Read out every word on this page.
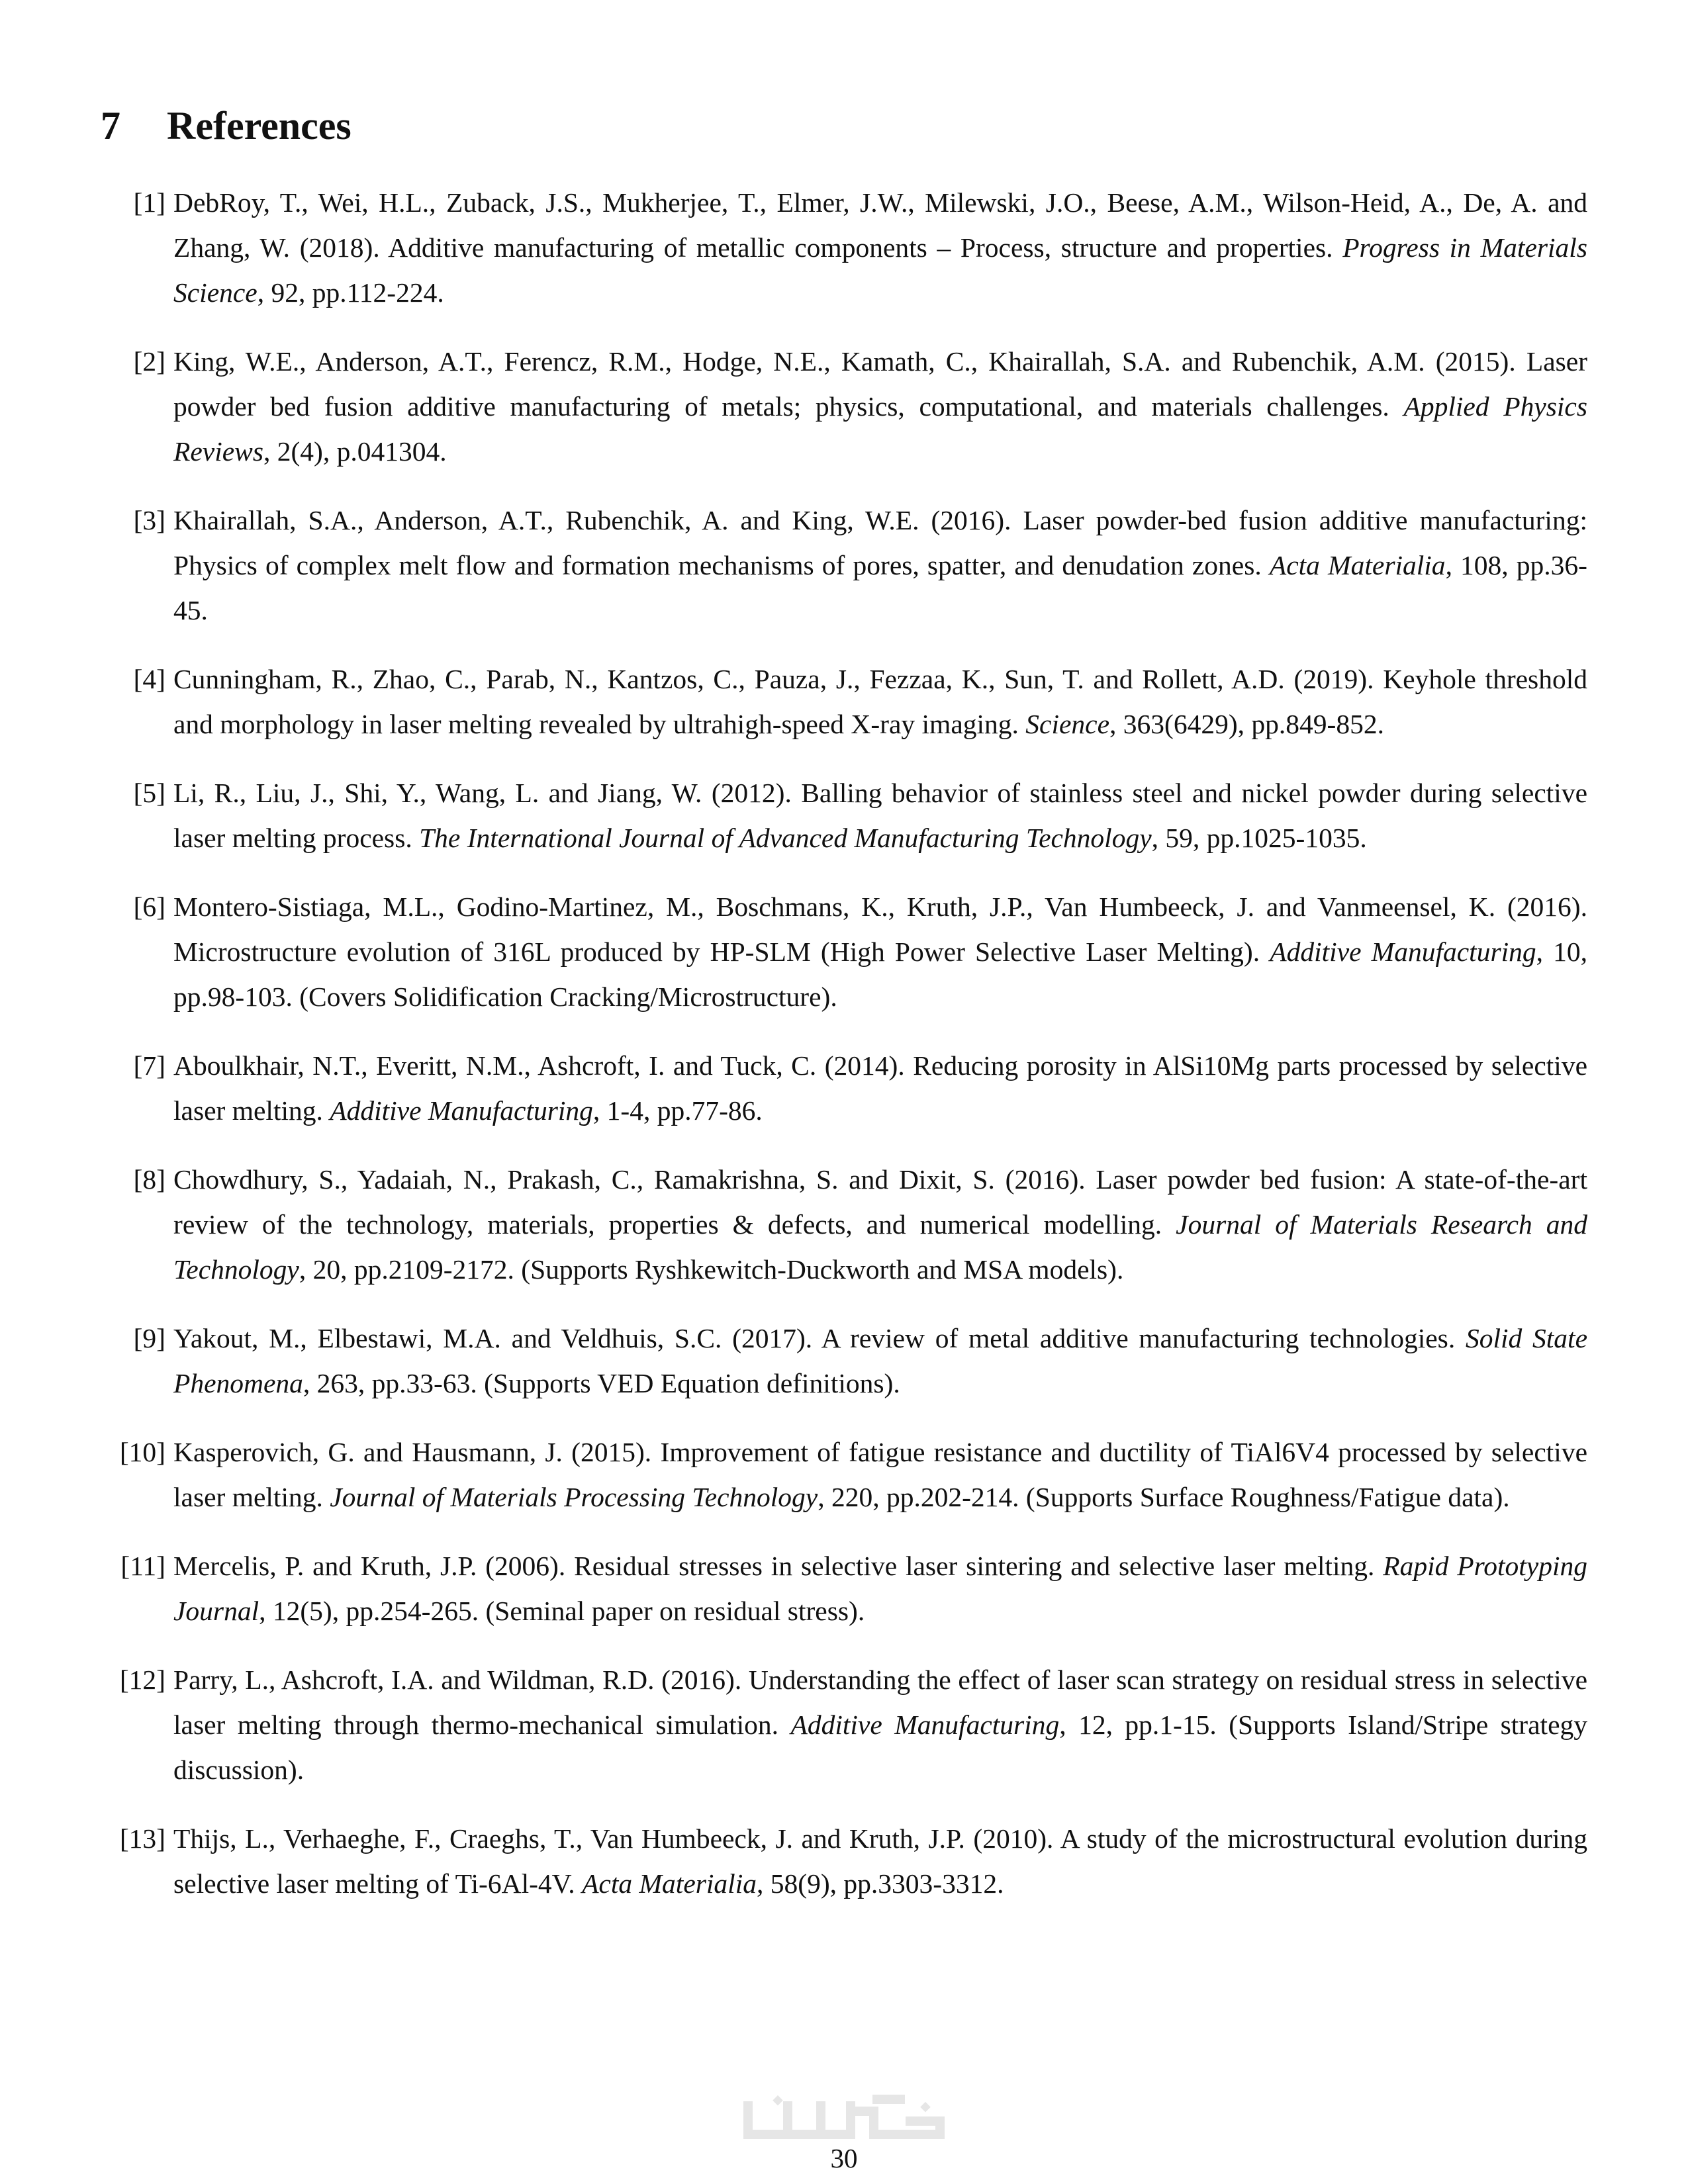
7 References
[1] DebRoy, T., Wei, H.L., Zuback, J.S., Mukherjee, T., Elmer, J.W., Milewski, J.O., Beese, A.M., Wilson-Heid, A., De, A. and Zhang, W. (2018). Additive manufacturing of metallic components – Process, structure and properties. Progress in Materials Science, 92, pp.112-224.
[2] King, W.E., Anderson, A.T., Ferencz, R.M., Hodge, N.E., Kamath, C., Khairallah, S.A. and Rubenchik, A.M. (2015). Laser powder bed fusion additive manufacturing of metals; physics, computational, and materials challenges. Applied Physics Reviews, 2(4), p.041304.
[3] Khairallah, S.A., Anderson, A.T., Rubenchik, A. and King, W.E. (2016). Laser powder-bed fusion additive manufacturing: Physics of complex melt flow and formation mechanisms of pores, spatter, and denudation zones. Acta Materialia, 108, pp.36-45.
[4] Cunningham, R., Zhao, C., Parab, N., Kantzos, C., Pauza, J., Fezzaa, K., Sun, T. and Rollett, A.D. (2019). Keyhole threshold and morphology in laser melting revealed by ultrahigh-speed X-ray imaging. Science, 363(6429), pp.849-852.
[5] Li, R., Liu, J., Shi, Y., Wang, L. and Jiang, W. (2012). Balling behavior of stainless steel and nickel powder during selective laser melting process. The International Journal of Advanced Manufacturing Technology, 59, pp.1025-1035.
[6] Montero-Sistiaga, M.L., Godino-Martinez, M., Boschmans, K., Kruth, J.P., Van Humbeeck, J. and Vanmeensel, K. (2016). Microstructure evolution of 316L produced by HP-SLM (High Power Selective Laser Melting). Additive Manufacturing, 10, pp.98-103. (Covers Solidification Cracking/Microstructure).
[7] Aboulkhair, N.T., Everitt, N.M., Ashcroft, I. and Tuck, C. (2014). Reducing porosity in AlSi10Mg parts processed by selective laser melting. Additive Manufacturing, 1-4, pp.77-86.
[8] Chowdhury, S., Yadaiah, N., Prakash, C., Ramakrishna, S. and Dixit, S. (2016). Laser powder bed fusion: A state-of-the-art review of the technology, materials, properties & defects, and numerical modelling. Journal of Materials Research and Technology, 20, pp.2109-2172. (Supports Ryshkewitch-Duckworth and MSA models).
[9] Yakout, M., Elbestawi, M.A. and Veldhuis, S.C. (2017). A review of metal additive manufacturing technologies. Solid State Phenomena, 263, pp.33-63. (Supports VED Equation definitions).
[10] Kasperovich, G. and Hausmann, J. (2015). Improvement of fatigue resistance and ductility of TiAl6V4 processed by selective laser melting. Journal of Materials Processing Technology, 220, pp.202-214. (Supports Surface Roughness/Fatigue data).
[11] Mercelis, P. and Kruth, J.P. (2006). Residual stresses in selective laser sintering and selective laser melting. Rapid Prototyping Journal, 12(5), pp.254-265. (Seminal paper on residual stress).
[12] Parry, L., Ashcroft, I.A. and Wildman, R.D. (2016). Understanding the effect of laser scan strategy on residual stress in selective laser melting through thermo-mechanical simulation. Additive Manufacturing, 12, pp.1-15. (Supports Island/Stripe strategy discussion).
[13] Thijs, L., Verhaeghe, F., Craeghs, T., Van Humbeeck, J. and Kruth, J.P. (2010). A study of the microstructural evolution during selective laser melting of Ti-6Al-4V. Acta Materialia, 58(9), pp.3303-3312.
30
